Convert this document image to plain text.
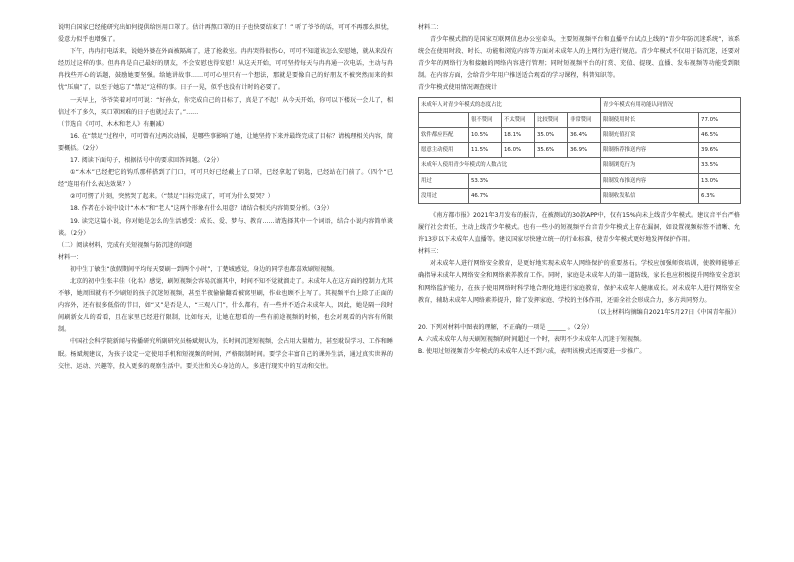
说明白国家已经能研究出如何提供给医用口罩了。估计再熬口罩的日子也快要结束了！” 听了爷爷的话，可可不再那么担忧，爱意力似乎也增强了。

下午，冉冉打电话来，说她外婆在外面被隔离了，进了抢救室。冉冉哭得很伤心，可可不知道该怎么安慰她，就从来没有经历过这样的事。但冉冉是自己最好的朋友，不会安慰也得安慰！从这天开始，可可坚持每天与冉冉通一次电话，主动与冉冉找些开心的话题，鼓励她要坚强。给她讲故事……可可心里只有一个想法，那就是要像自己的好朋友不被突然而来的担忧“压扁”了，以至于她忘了“禁足”这样的事。日子一晃，似乎也没有计时的必要了。

一天早上，爷爷笑着对可可说：“好孙女，你完成自己的目标了，真是了不起！从今天开始，你可以下楼玩一会儿了，相信过不了多久，买口罩困难的日子也就过去了。”……

（节选自《可可、木木和老人》有删减）

16. 在“禁足”过程中，可可曾有过两次动摇，是哪些事影响了她，让她坚持下来并最终完成了目标？请梳理相关内容，简要概括。（2分）

17. 阅读下面句子，根据括号中的要求回答问题。（2分）

①“木木”已经把它的钩爪那样搭到了门口，可可只好已经戴上了口罩，已经拿起了钥匙，已经站在门前了。（四个“已经”连用有什么表达效果？）

②可可愣了片刻，突然哭了起来。（“禁足”目标完成了，可可为什么要哭？）

18. 作者在小说中设计“木木”和“老人”这两个形象有什么用意？请结合相关内容简要分析。（3分）

19. 读完这篇小说，你对她是怎么的生活感受：成长、爱、梦与、教育……请选择其中一个词语，结合小说内容简单谈谈。（2分）

（二）阅读材料，完成有关短视频与防沉迷的问题

材料一：

初中生丁敏生“放假期间平均每天要刷一到两个小时”，丁楚城感觉，身边的同学也都喜欢刷短视频。

北京的初中生张丰佳（化名）感觉，刷短视频会容易沉溺其中，时间不知不觉就溜走了。未成年人在这方面的控制力尤其不够，她周围就有不少刷短的孩子沉迷短视频，甚至半夜偷偷翻看被窝里刷，作业也顾不上写了。其视频平台上除了正面的内容外，还有很多低俗的节目，如“又”是否是人，“三观八门”，什么都有，有一些并不适合未成年人，因此，她是隔一段时间刷新女儿的看看，且在家里已经进行限制，比如每天，让她在想看的一些有前途视频的时候，也会对观看的内容有所限制。

中国社会科学院新闻与传播研究所副研究员杨斌规认为，长时间沉迷短视频，会占用大量精力，甚至耽误学习、工作和睡眠。杨斌规建议，为孩子设定一定使用手机和短视频的时间，严格限制时间。要学会丰富自己的课外生活，通过真实世界的交往、运动、兴趣等，投入更多的观察生活中。要关注和关心身边的人，多进行现实中的互动和交往。

材料二：

青少年模式指的是国家互联网信息办公室牵头，主要短视频平台和直播平台试点上线的“青少年防沉迷系统”，该系统会在使用时段、时长、功能和浏览内容等方面对未成年人的上网行为进行规范。青少年模式不仅用于防沉迷，还要对青少年的网络行为和接触的网络内容进行管理；同时短视频平台的打赏、充值、提现、直播、发布视频等功能受到限制。在内容方面，会给青少年用户推送适合观看的学习课程，科普知识等。

青少年模式使用情况调查统计

未成年人对青少年模式的态度占比					青少年模式有用功能认同情况	
	很不赞同	不太赞同	比较赞同	非常赞同	限制使用时长	77.0%
软件都应匹配	10.5%	18.1%	35.0%	36.4%	限制充值打赏	46.5%
愿意主动使用	11.5%	16.0%	35.6%	36.9%	限制指荐推送内容	39.6%
未成年人使用青少年模式的人数占比					限制浏览行为	33.5%
用过	53.3%				限制发布推送内容	13.0%
没用过	46.7%				限制收发私信	6.3%

《南方都市报》2021年3月发布的报告，在被测试的30款APP中，仅有15%向未上线青少年模式。建议音平台严格履行社会责任，主动上线青少年模式。也有一些小的短视频平台音青少年模式上存在漏洞，如设置视频标签不清晰、允许13岁以下未成年人直播等。建议国家尽快建立统一的行业标准，使青少年模式更好地发挥保护作用。

材料三：

对未成年人进行网络安全教育，是更好地实现未成年人网络保护的重要基石。学校应加强师资培训，使教师能够正确指导未成年人网络安全和网络素养教育工作。同时，家庭是未成年人的第一道防线，家长也应积极提升网络安全意识和网络监护能力，在孩子使用网络时科学地合理化地进行家庭教育，保护未成年人健康成长。对未成年人进行网络安全教育，辅助未成年人网络素养提升，除了发挥家庭、学校的主体作用，还需全社会形成合力，多方共同努力。

（以上材料均摘编自2021年5月27日《中国青年报》）

20. 下列对材料中图表的理解，不正确的一项是 ______ 。（2分）

A. 六成未成年人每天刷短视频的时间超过一个时，表明不少未成年人沉迷于短视频。

B. 使用过短视频青少年模式的未成年人还不到六成，表明该模式还需要进一步推广。
